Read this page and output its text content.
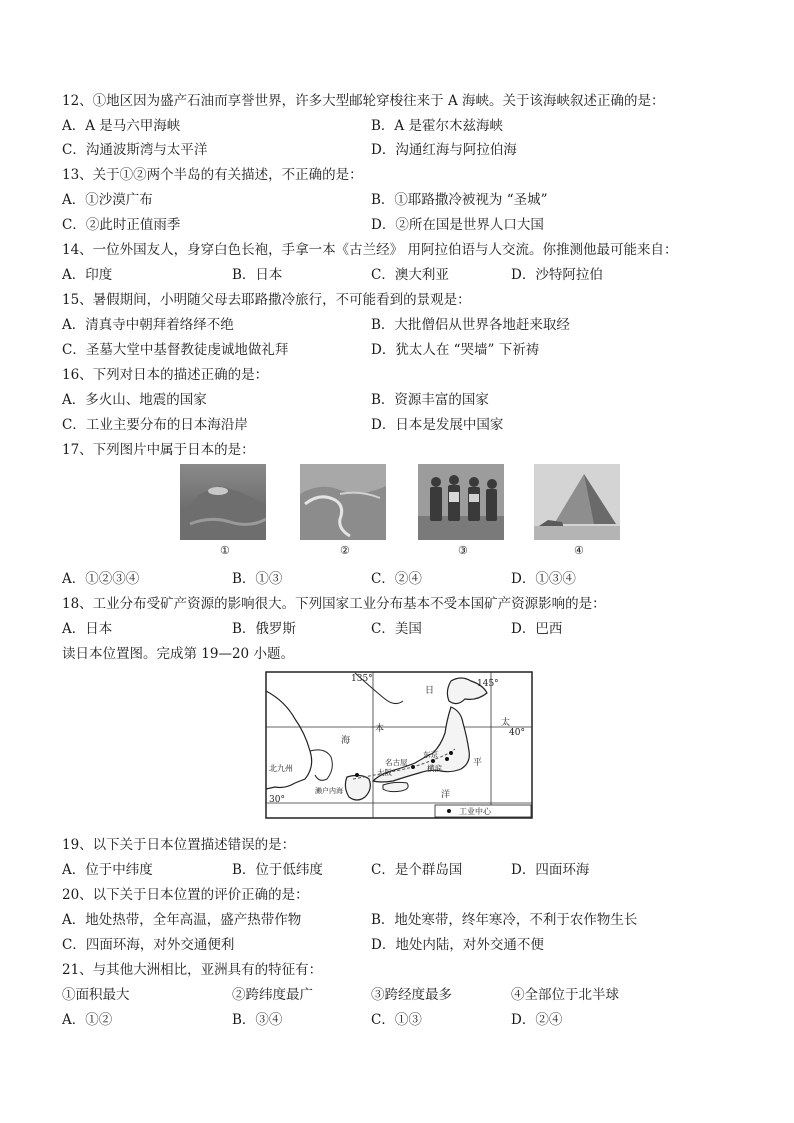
12、①地区因为盛产石油而享誉世界，许多大型邮轮穿梭往来于 A 海峡。关于该海峡叙述正确的是：
A．A 是马六甲海峡	B．A 是霍尔木兹海峡
C．沟通波斯湾与太平洋	D．沟通红海与阿拉伯海
13、关于①②两个半岛的有关描述，不正确的是：
A．①沙漠广布	B．①耶路撒冷被视为 “圣城”
C．②此时正值雨季	D．②所在国是世界人口大国
14、一位外国友人，身穿白色长袍，手拿一本《古兰经》 用阿拉伯语与人交流。你推测他最可能来自：
A．印度	B．日本	C．澳大利亚	D．沙特阿拉伯
15、暑假期间，小明随父母去耶路撒冷旅行，不可能看到的景观是：
A．清真寺中朝拜着络绎不绝	B．大批僧侣从世界各地赶来取经
C．圣墓大堂中基督教徒虔诚地做礼拜	D．犹太人在 “哭墙” 下祈祷
16、下列对日本的描述正确的是：
A．多火山、地震的国家	B．资源丰富的国家
C．工业主要分布的日本海沿岸	D．日本是发展中国家
17、下列图片中属于日本的是：
①	②	③	④
A．①②③④	B．①③	C．②④	D．①③④
18、工业分布受矿产资源的影响很大。下列国家工业分布基本不受本国矿产资源影响的是：
A．日本	B．俄罗斯	C．美国	D．巴西
读日本位置图。完成第 19—20 小题。
日
本
海
太
平
洋
135°	145°
40°
30°
北九州
名古屋
东京
大阪	横滨
濑户内海
工业中心
19、以下关于日本位置描述错误的是：
A．位于中纬度	B．位于低纬度	C．是个群岛国	D．四面环海
20、以下关于日本位置的评价正确的是：
A．地处热带，全年高温，盛产热带作物	B．地处寒带，终年寒冷，不利于农作物生长
C．四面环海，对外交通便利	D．地处内陆，对外交通不便
21、与其他大洲相比，亚洲具有的特征有：
①面积最大	②跨纬度最广	③跨经度最多	④全部位于北半球
A．①②	B．③④	C．①③	D．②④
